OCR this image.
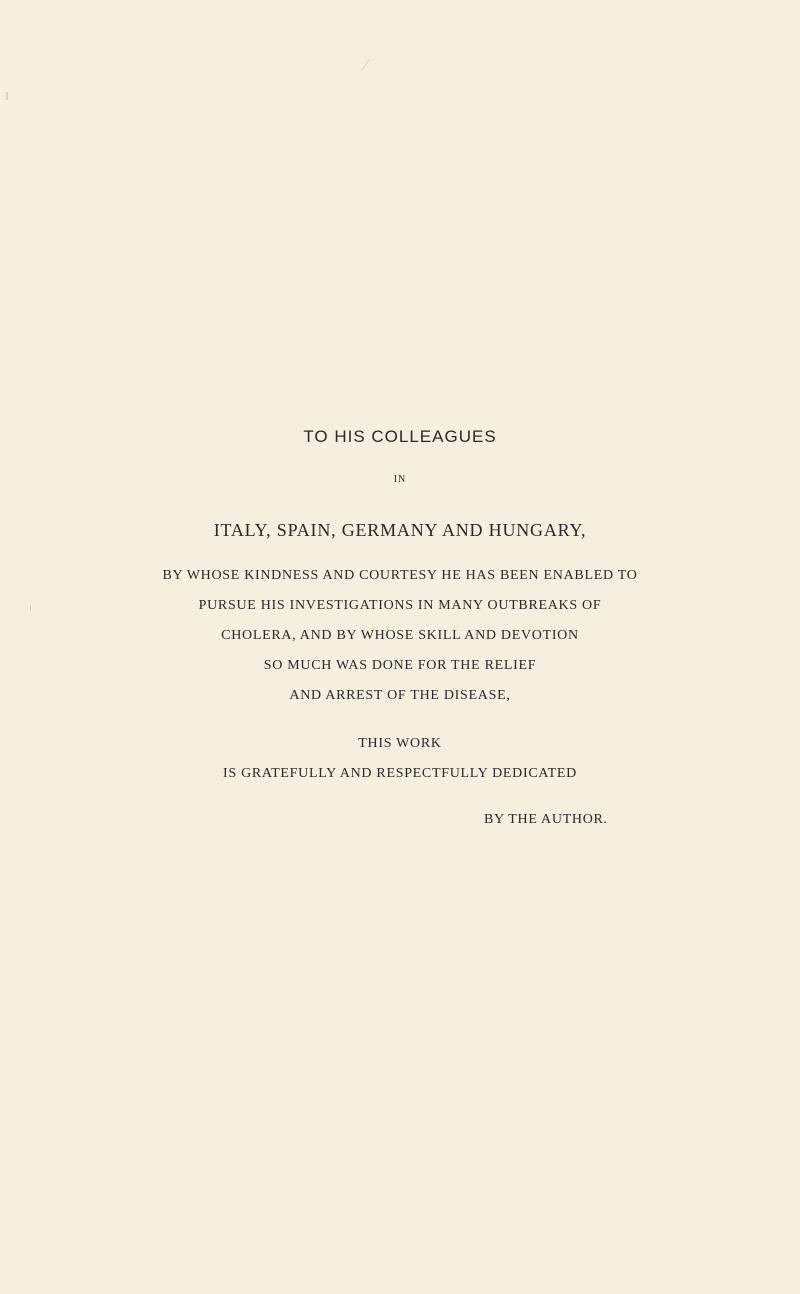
TO HIS COLLEAGUES
IN
ITALY, SPAIN, GERMANY AND HUNGARY,
BY WHOSE KINDNESS AND COURTESY HE HAS BEEN ENABLED TO
PURSUE HIS INVESTIGATIONS IN MANY OUTBREAKS OF
CHOLERA, AND BY WHOSE SKILL AND DEVOTION
SO MUCH WAS DONE FOR THE RELIEF
AND ARREST OF THE DISEASE,
THIS WORK
IS GRATEFULLY AND RESPECTFULLY DEDICATED
BY THE AUTHOR.
